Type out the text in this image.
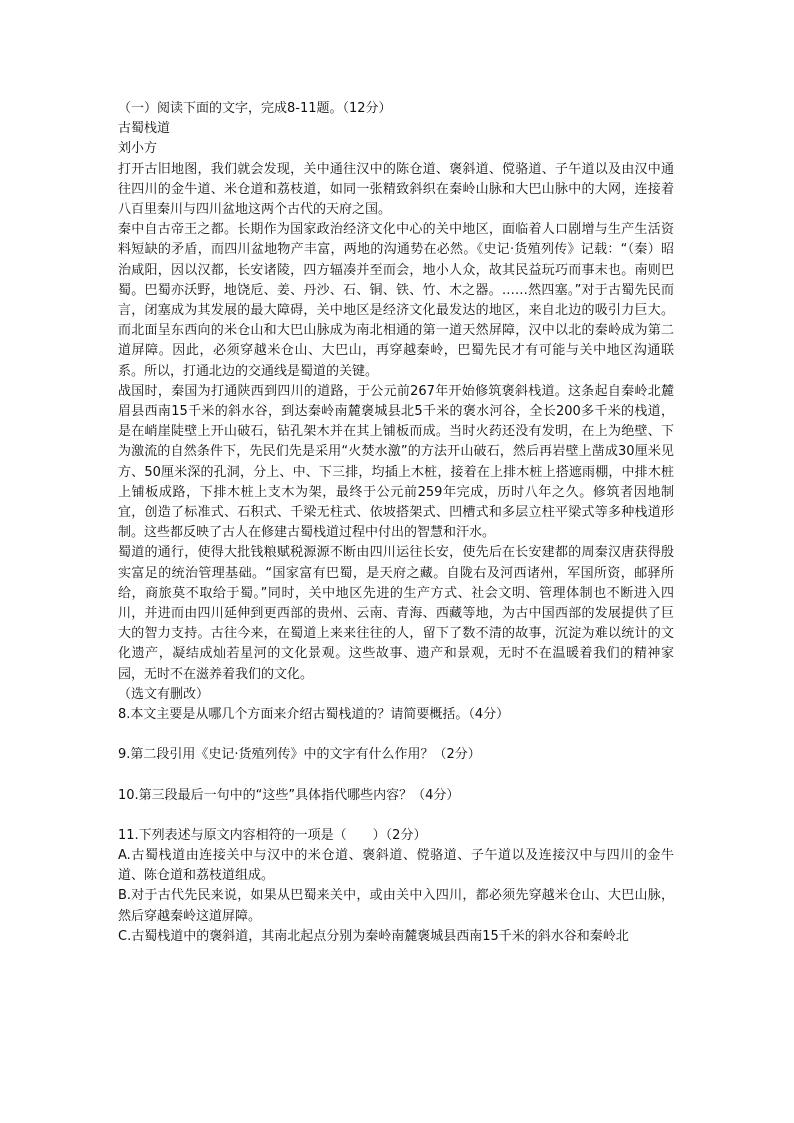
（一）阅读下面的文字，完成8-11题。（12分）

古蜀栈道

刘小方

打开古旧地图，我们就会发现，关中通往汉中的陈仓道、褒斜道、傥骆道、子午道以及由汉中通往四川的金牛道、米仓道和荔枝道，如同一张精致斜织在秦岭山脉和大巴山脉中的大网，连接着八百里秦川与四川盆地这两个古代的天府之国。

秦中自古帝王之都。长期作为国家政治经济文化中心的关中地区，面临着人口剧增与生产生活资料短缺的矛盾，而四川盆地物产丰富，两地的沟通势在必然。《史记·货殖列传》记载：“（秦）昭治咸阳，因以汉都，长安诸陵，四方辐凑并至而会，地小人众，故其民益玩巧而事末也。南则巴蜀。巴蜀亦沃野，地饶卮、姜、丹沙、石、铜、铁、竹、木之器。……然四塞。”对于古蜀先民而言，闭塞成为其发展的最大障碍，关中地区是经济文化最发达的地区，来自北边的吸引力巨大。而北面呈东西向的米仓山和大巴山脉成为南北相通的第一道天然屏障，汉中以北的秦岭成为第二道屏障。因此，必须穿越米仓山、大巴山，再穿越秦岭，巴蜀先民才有可能与关中地区沟通联系。所以，打通北边的交通线是蜀道的关键。

战国时，秦国为打通陕西到四川的道路，于公元前267年开始修筑褒斜栈道。这条起自秦岭北麓眉县西南15千米的斜水谷，到达秦岭南麓褒城县北5千米的褒水河谷，全长200多千米的栈道，是在峭崖陡壁上开山破石，钻孔架木并在其上铺板而成。当时火药还没有发明，在上为绝壁、下为激流的自然条件下，先民们先是采用“火焚水激”的方法开山破石，然后再岩壁上凿成30厘米见方、50厘米深的孔洞，分上、中、下三排，均插上木桩，接着在上排木桩上搭遮雨棚，中排木桩上铺板成路，下排木桩上支木为架，最终于公元前259年完成，历时八年之久。修筑者因地制宜，创造了标准式、石积式、千梁无柱式、依坡搭架式、凹槽式和多层立柱平梁式等多种栈道形制。这些都反映了古人在修建古蜀栈道过程中付出的智慧和汗水。

蜀道的通行，使得大批钱粮赋税源源不断由四川运往长安，使先后在长安建都的周秦汉唐获得殷实富足的统治管理基础。“国家富有巴蜀，是天府之藏。自陇右及河西诸州，军国所资，邮驿所给，商旅莫不取给于蜀。”同时，关中地区先进的生产方式、社会文明、管理体制也不断进入四川，并进而由四川延伸到更西部的贵州、云南、青海、西藏等地，为古中国西部的发展提供了巨大的智力支持。古往今来，在蜀道上来来往往的人，留下了数不清的故事，沉淀为难以统计的文化遗产，凝结成灿若星河的文化景观。这些故事、遗产和景观，无时不在温暖着我们的精神家园，无时不在滋养着我们的文化。

（选文有删改）

8.本文主要是从哪几个方面来介绍古蜀栈道的？请简要概括。（4分）

9.第二段引用《史记·货殖列传》中的文字有什么作用？（2分）

10.第三段最后一句中的“这些”具体指代哪些内容？（4分）

11.下列表述与原文内容相符的一项是（　　）（2分）

A.古蜀栈道由连接关中与汉中的米仓道、褒斜道、傥骆道、子午道以及连接汉中与四川的金牛道、陈仓道和荔枝道组成。

B.对于古代先民来说，如果从巴蜀来关中，或由关中入四川，都必须先穿越米仓山、大巴山脉，然后穿越秦岭这道屏障。

C.古蜀栈道中的褒斜道，其南北起点分别为秦岭南麓褒城县西南15千米的斜水谷和秦岭北
